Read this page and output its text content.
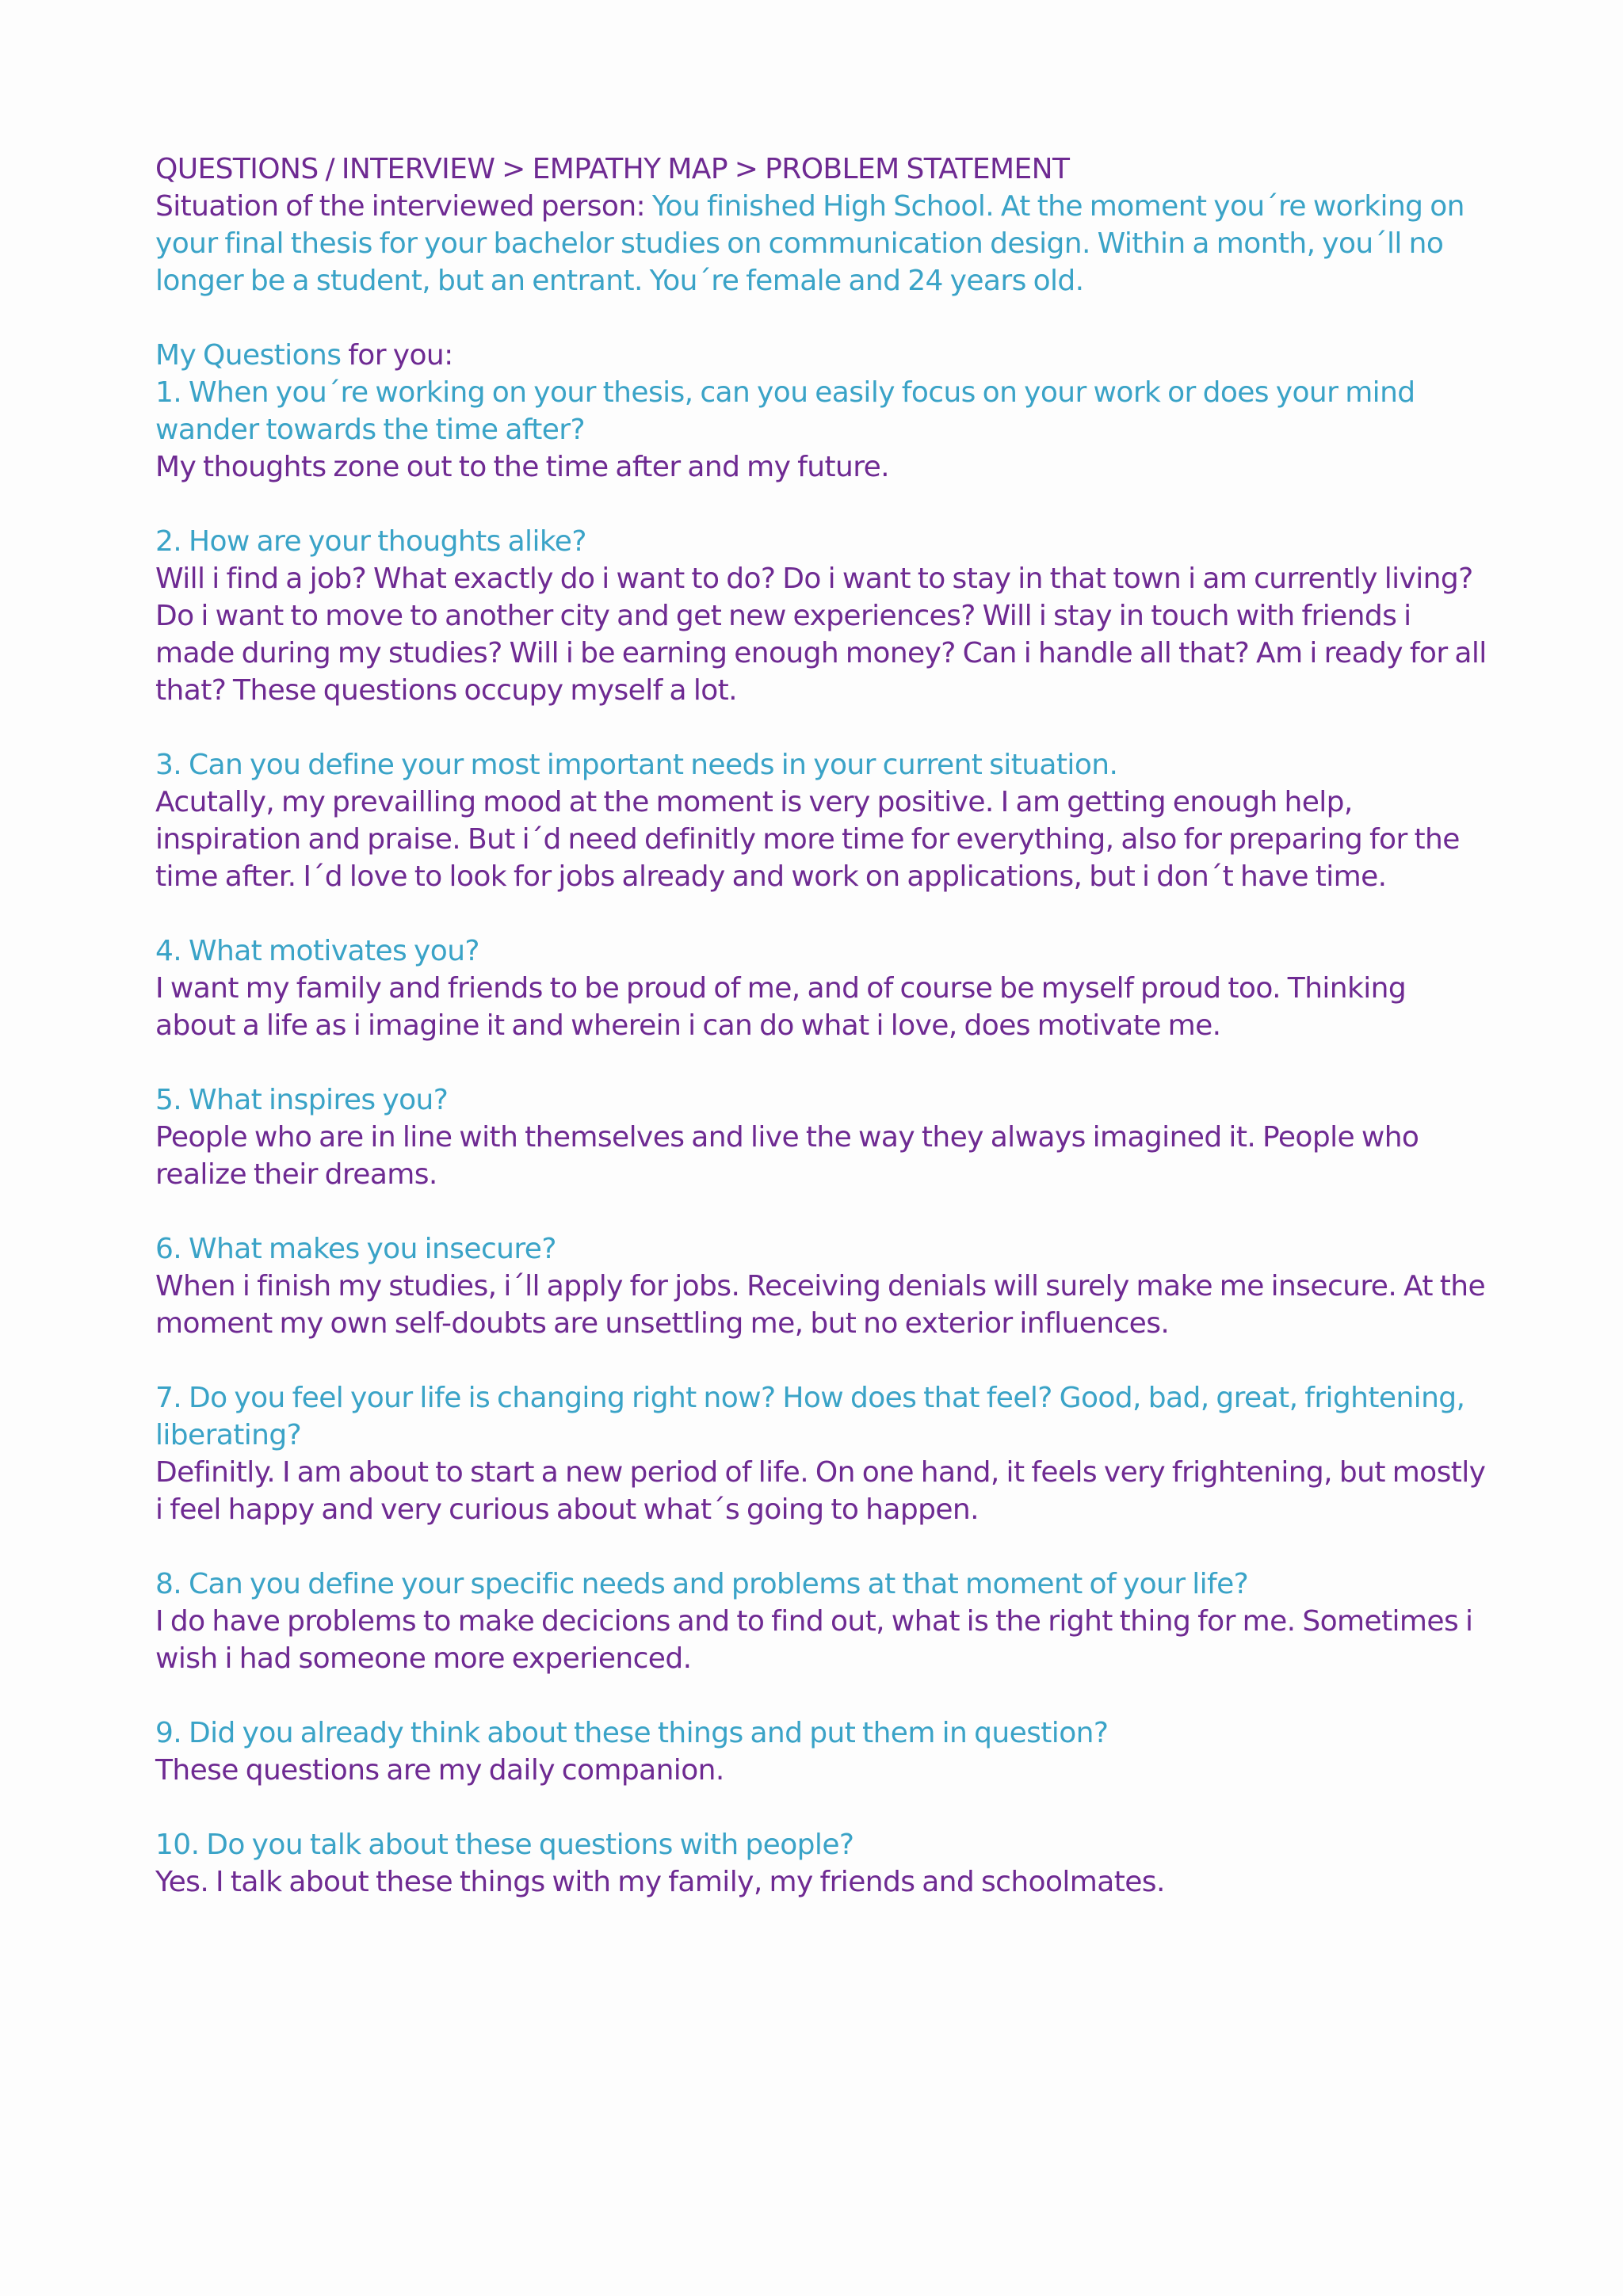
QUESTIONS / INTERVIEW > EMPATHY MAP > PROBLEM STATEMENT
Situation of the interviewed person: You finished High School. At the moment you´re working on your final thesis for your bachelor studies on communication design. Within a month, you´ll no longer be a student, but an entrant. You´re female and 24 years old.
My Questions for you:
1. When you´re working on your thesis, can you easily focus on your work or does your mind wander towards the time after?
My thoughts zone out to the time after and my future.
2. How are your thoughts alike?
Will i find a job? What exactly do i want to do? Do i want to stay in that town i am currently living? Do i want to move to another city and get new experiences? Will i stay in touch with friends i made during my studies? Will i be earning enough money? Can i handle all that? Am i ready for all that? These questions occupy myself a lot.
3. Can you define your most important needs in your current situation.
Acutally, my prevailling mood at the moment is very positive. I am getting enough help, inspiration and praise. But i´d need definitly more time for everything, also for preparing for the time after. I´d love to look for jobs already and work on applications, but i don´t have time.
4. What motivates you?
I want my family and friends to be proud of me, and of course be myself proud too. Thinking about a life as i imagine it and wherein i can do what i love, does motivate me.
5. What inspires you?
People who are in line with themselves and live the way they always imagined it. People who realize their dreams.
6. What makes you insecure?
When i finish my studies, i´ll apply for jobs. Receiving denials will surely make me insecure. At the moment my own self-doubts are unsettling me, but no exterior influences.
7. Do you feel your life is changing right now? How does that feel? Good, bad, great, frightening, liberating?
Definitly. I am about to start a new period of life. On one hand, it feels very frightening, but mostly i feel happy and very curious about what´s going to happen.
8. Can you define your specific needs and problems at that moment of your life?
I do have problems to make decicions and to find out, what is the right thing for me. Sometimes i wish i had someone more experienced.
9. Did you already think about these things and put them in question?
These questions are my daily companion.
10. Do you talk about these questions with people?
Yes. I talk about these things with my family, my friends and schoolmates.
